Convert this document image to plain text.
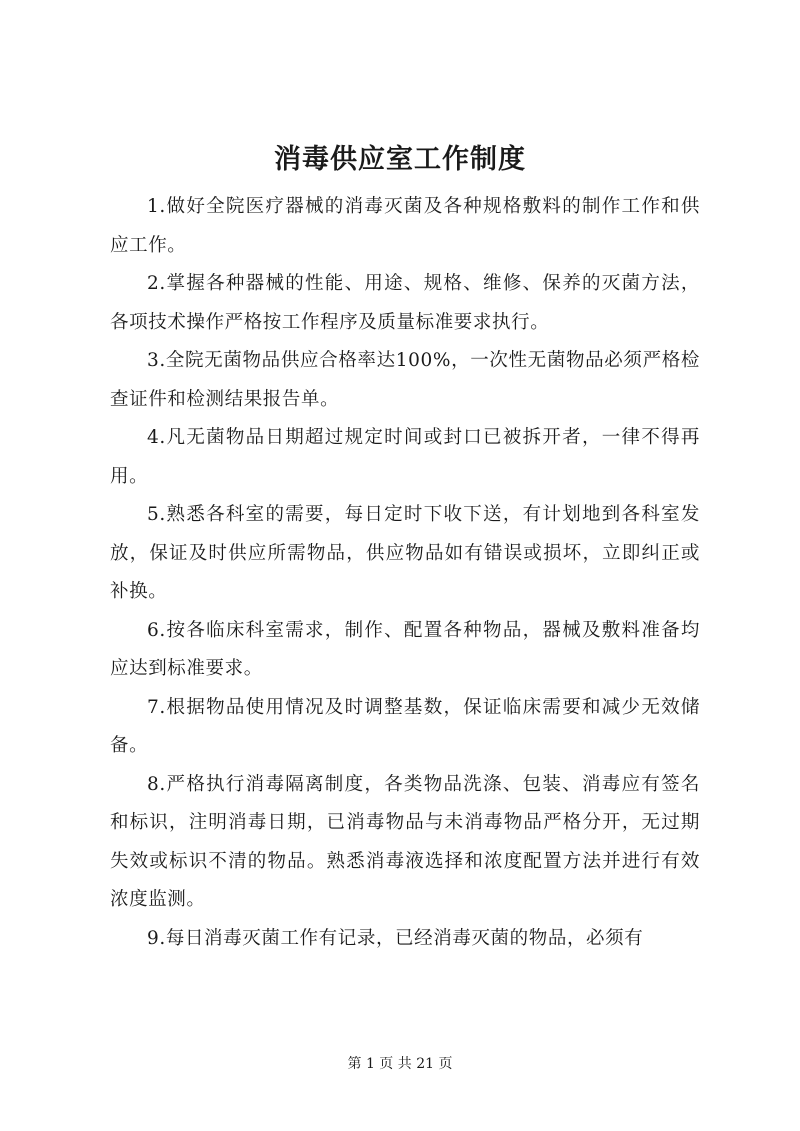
消毒供应室工作制度

1.做好全院医疗器械的消毒灭菌及各种规格敷料的制作工作和供应工作。

2.掌握各种器械的性能、用途、规格、维修、保养的灭菌方法，各项技术操作严格按工作程序及质量标准要求执行。

3.全院无菌物品供应合格率达100%，一次性无菌物品必须严格检查证件和检测结果报告单。

4.凡无菌物品日期超过规定时间或封口已被拆开者，一律不得再用。

5.熟悉各科室的需要，每日定时下收下送，有计划地到各科室发放，保证及时供应所需物品，供应物品如有错误或损坏，立即纠正或补换。

6.按各临床科室需求，制作、配置各种物品，器械及敷料准备均应达到标准要求。

7.根据物品使用情况及时调整基数，保证临床需要和减少无效储备。

8.严格执行消毒隔离制度，各类物品洗涤、包装、消毒应有签名和标识，注明消毒日期，已消毒物品与未消毒物品严格分开，无过期失效或标识不清的物品。熟悉消毒液选择和浓度配置方法并进行有效浓度监测。

9.每日消毒灭菌工作有记录，已经消毒灭菌的物品，必须有

第 1 页 共 21 页
